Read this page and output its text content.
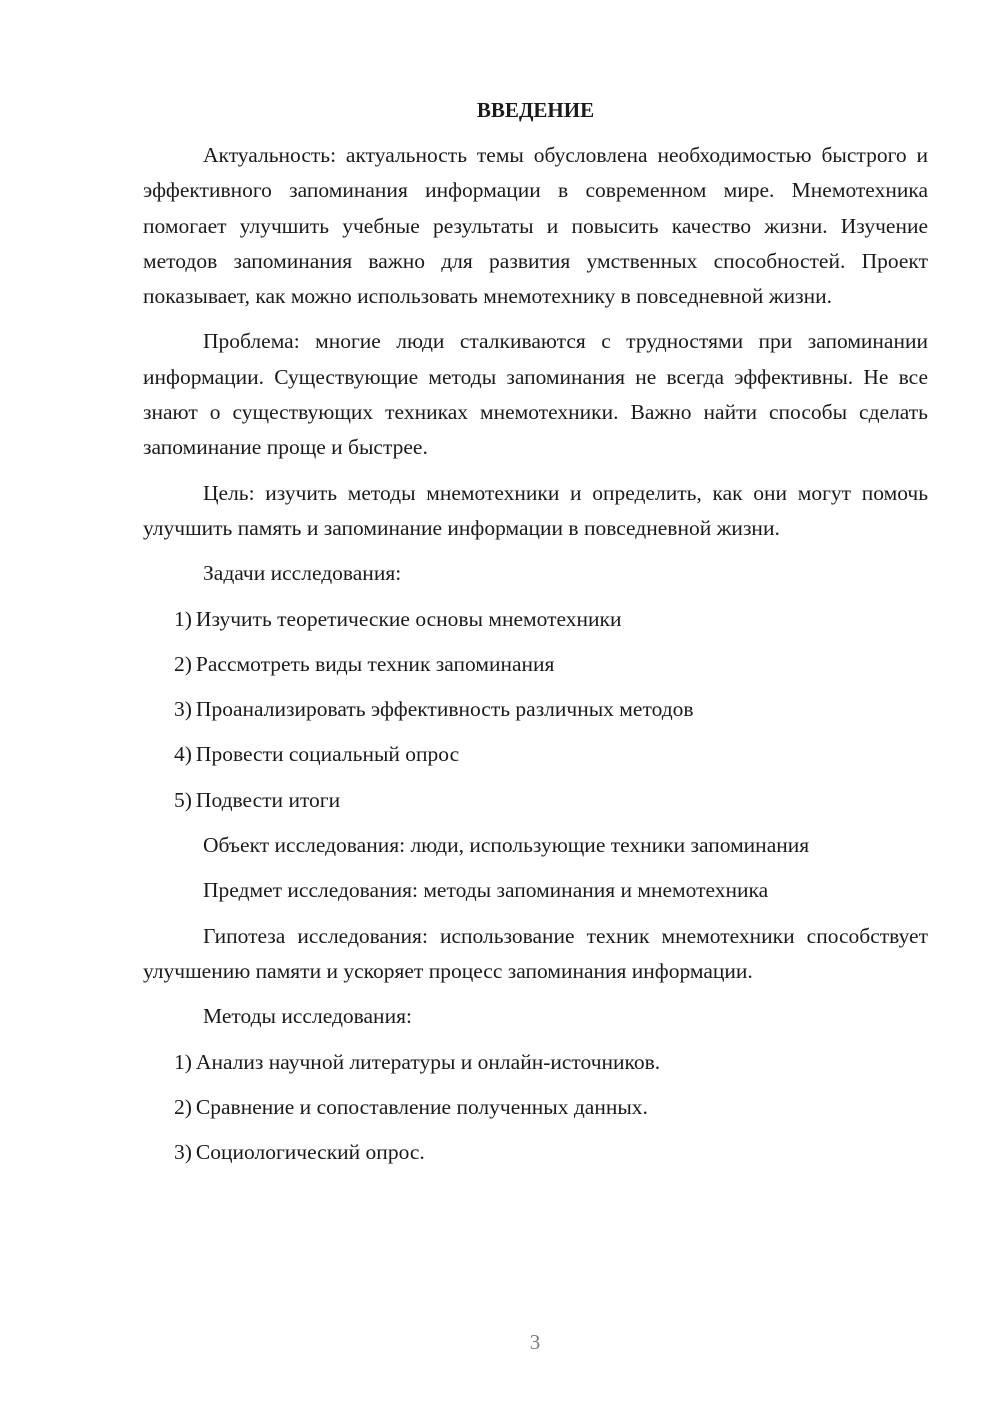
ВВЕДЕНИЕ

Актуальность: актуальность темы обусловлена необходимостью быстрого и эффективного запоминания информации в современном мире. Мнемотехника помогает улучшить учебные результаты и повысить качество жизни. Изучение методов запоминания важно для развития умственных способностей. Проект показывает, как можно использовать мнемотехнику в повседневной жизни.

Проблема: многие люди сталкиваются с трудностями при запоминании информации. Существующие методы запоминания не всегда эффективны. Не все знают о существующих техниках мнемотехники. Важно найти способы сделать запоминание проще и быстрее.

Цель: изучить методы мнемотехники и определить, как они могут помочь улучшить память и запоминание информации в повседневной жизни.

Задачи исследования:
1) Изучить теоретические основы мнемотехники
2) Рассмотреть виды техник запоминания
3) Проанализировать эффективность различных методов
4) Провести социальный опрос
5) Подвести итоги
Объект исследования: люди, использующие техники запоминания
Предмет исследования: методы запоминания и мнемотехника

Гипотеза исследования: использование техник мнемотехники способствует улучшению памяти и ускоряет процесс запоминания информации.

Методы исследования:
1) Анализ научной литературы и онлайн-источников.
2) Сравнение и сопоставление полученных данных.
3) Социологический опрос.
3
